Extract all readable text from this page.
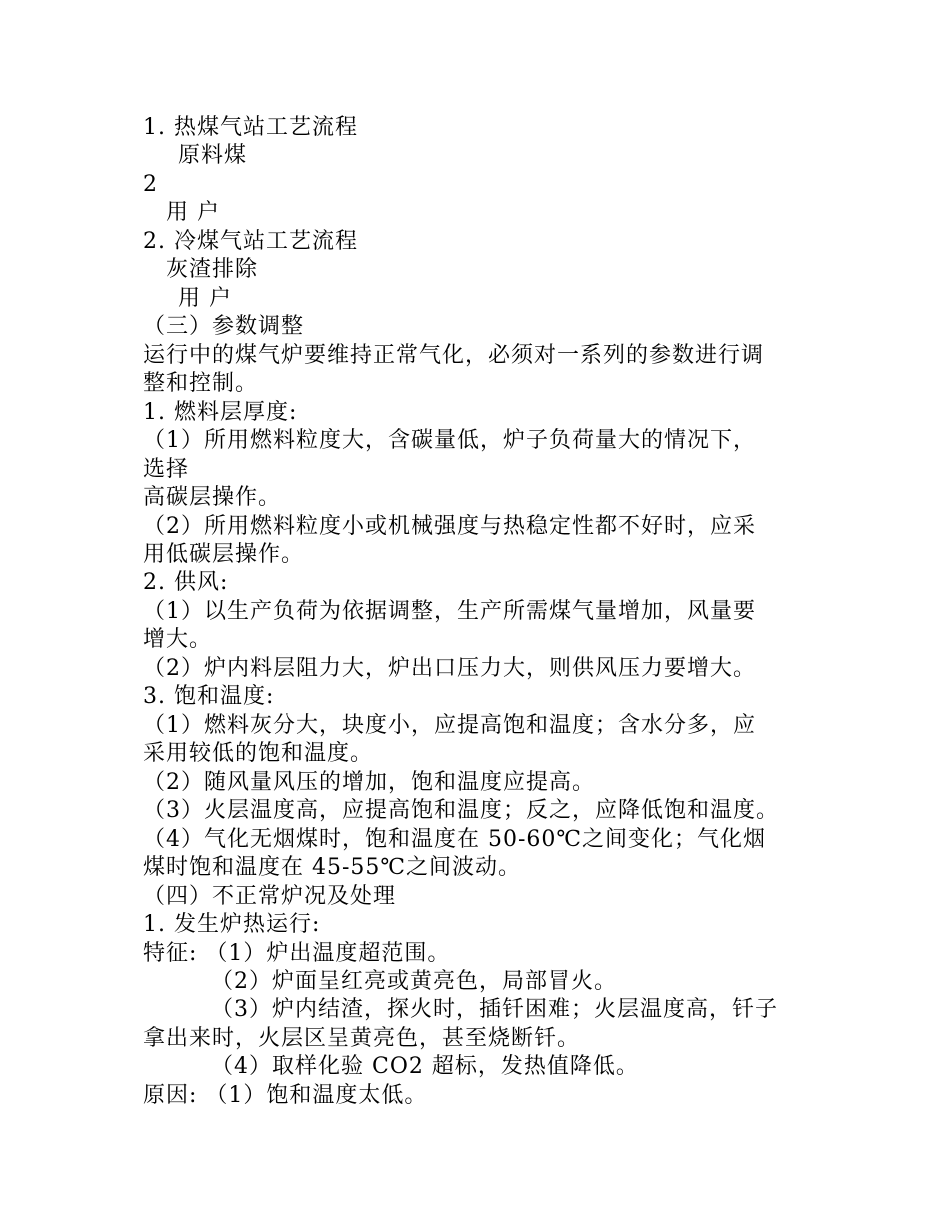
1. 热煤气站工艺流程
原料煤
2
用 户
2. 冷煤气站工艺流程
灰渣排除
用 户
（三）参数调整
运行中的煤气炉要维持正常气化，必须对一系列的参数进行调
整和控制。
1. 燃料层厚度:
（1）所用燃料粒度大，含碳量低，炉子负荷量大的情况下，
选择
高碳层操作。
（2）所用燃料粒度小或机械强度与热稳定性都不好时，应采
用低碳层操作。
2. 供风:
（1）以生产负荷为依据调整，生产所需煤气量增加，风量要
增大。
（2）炉内料层阻力大，炉出口压力大，则供风压力要增大。
3. 饱和温度:
（1）燃料灰分大，块度小，应提高饱和温度；含水分多，应
采用较低的饱和温度。
（2）随风量风压的增加，饱和温度应提高。
（3）火层温度高，应提高饱和温度；反之，应降低饱和温度。
（4）气化无烟煤时，饱和温度在 50-60℃之间变化；气化烟
煤时饱和温度在 45-55℃之间波动。
（四）不正常炉况及处理
1. 发生炉热运行:
特征: （1）炉出温度超范围。
（2）炉面呈红亮或黄亮色，局部冒火。
（3）炉内结渣，探火时，插钎困难；火层温度高，钎子
拿出来时，火层区呈黄亮色，甚至烧断钎。
（4）取样化验 CO2 超标，发热值降低。
原因: （1）饱和温度太低。
